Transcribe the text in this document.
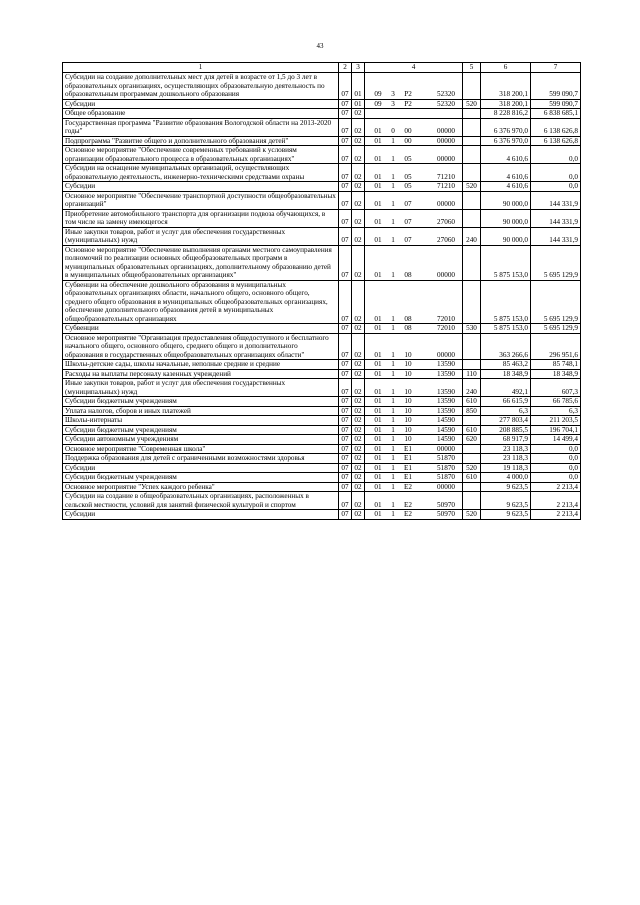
43
1	2	3	4	5	6	7
Субсидии на создание дополнительных мест для детей в возрасте от 1,5 до 3 лет в образовательных организациях, осуществляющих образовательную деятельность по образовательным программам дошкольного образования	07	01	09 3 P2 52320		318 200,1	599 090,7
Субсидии	07	01	09 3 P2 52320	520	318 200,1	599 090,7
Общее образование	07	02			8 228 816,2	6 838 685,1
Государственная программа "Развитие образования Вологодской области на 2013-2020 годы"	07	02	01 0 00 00000		6 376 970,0	6 138 626,8
Подпрограмма "Развитие общего и дополнительного образования детей"	07	02	01 1 00 00000		6 376 970,0	6 138 626,8
Основное мероприятие "Обеспечение современных требований к условиям организации образовательного процесса в образовательных организациях"	07	02	01 1 05 00000		4 610,6	0,0
Субсидии на оснащение муниципальных организаций, осуществляющих образовательную деятельность, инженерно-техническими средствами охраны	07	02	01 1 05 71210		4 610,6	0,0
Субсидии	07	02	01 1 05 71210	520	4 610,6	0,0
Основное мероприятие "Обеспечение транспортной доступности общеобразовательных организаций"	07	02	01 1 07 00000		90 000,0	144 331,9
Приобретение автомобильного транспорта для организации подвоза обучающихся, в том числе на замену имеющегося	07	02	01 1 07 27060		90 000,0	144 331,9
Иные закупки товаров, работ и услуг для обеспечения государственных (муниципальных) нужд	07	02	01 1 07 27060	240	90 000,0	144 331,9
Основное мероприятие "Обеспечение выполнения органами местного самоуправления полномочий по реализации основных общеобразовательных программ в муниципальных образовательных организациях, дополнительному образованию детей в муниципальных общеобразовательных организациях"	07	02	01 1 08 00000		5 875 153,0	5 695 129,9
Субвенции на обеспечение дошкольного образования в муниципальных образовательных организациях области, начального общего, основного общего, среднего общего образования в муниципальных общеобразовательных организациях, обеспечение дополнительного образования детей в муниципальных общеобразовательных организациях	07	02	01 1 08 72010		5 875 153,0	5 695 129,9
Субвенции	07	02	01 1 08 72010	530	5 875 153,0	5 695 129,9
Основное мероприятие "Организация предоставления общедоступного и бесплатного начального общего, основного общего, среднего общего и дополнительного образования в государственных общеобразовательных организациях области"	07	02	01 1 10 00000		363 266,6	296 951,6
Школы-детские сады, школы начальные, неполные средние и средние	07	02	01 1 10 13590		85 463,2	85 748,1
Расходы на выплаты персоналу казенных учреждений	07	02	01 1 10 13590	110	18 348,9	18 348,9
Иные закупки товаров, работ и услуг для обеспечения государственных (муниципальных) нужд	07	02	01 1 10 13590	240	492,1	607,3
Субсидии бюджетным учреждениям	07	02	01 1 10 13590	610	66 615,9	66 785,6
Уплата налогов, сборов и иных платежей	07	02	01 1 10 13590	850	6,3	6,3
Школы-интернаты	07	02	01 1 10 14590		277 803,4	211 203,5
Субсидии бюджетным учреждениям	07	02	01 1 10 14590	610	208 885,5	196 704,1
Субсидии автономным учреждениям	07	02	01 1 10 14590	620	68 917,9	14 499,4
Основное мероприятие "Современная школа"	07	02	01 1 E1 00000		23 118,3	0,0
Поддержка образования для детей с ограниченными возможностями здоровья	07	02	01 1 E1 51870		23 118,3	0,0
Субсидии	07	02	01 1 E1 51870	520	19 118,3	0,0
Субсидии бюджетным учреждениям	07	02	01 1 E1 51870	610	4 000,0	0,0
Основное мероприятие "Успех каждого ребенка"	07	02	01 1 E2 00000		9 623,5	2 213,4
Субсидии на создание в общеобразовательных организациях, расположенных в сельской местности, условий для занятий физической культурой и спортом	07	02	01 1 E2 50970		9 623,5	2 213,4
Субсидии	07	02	01 1 E2 50970	520	9 623,5	2 213,4
